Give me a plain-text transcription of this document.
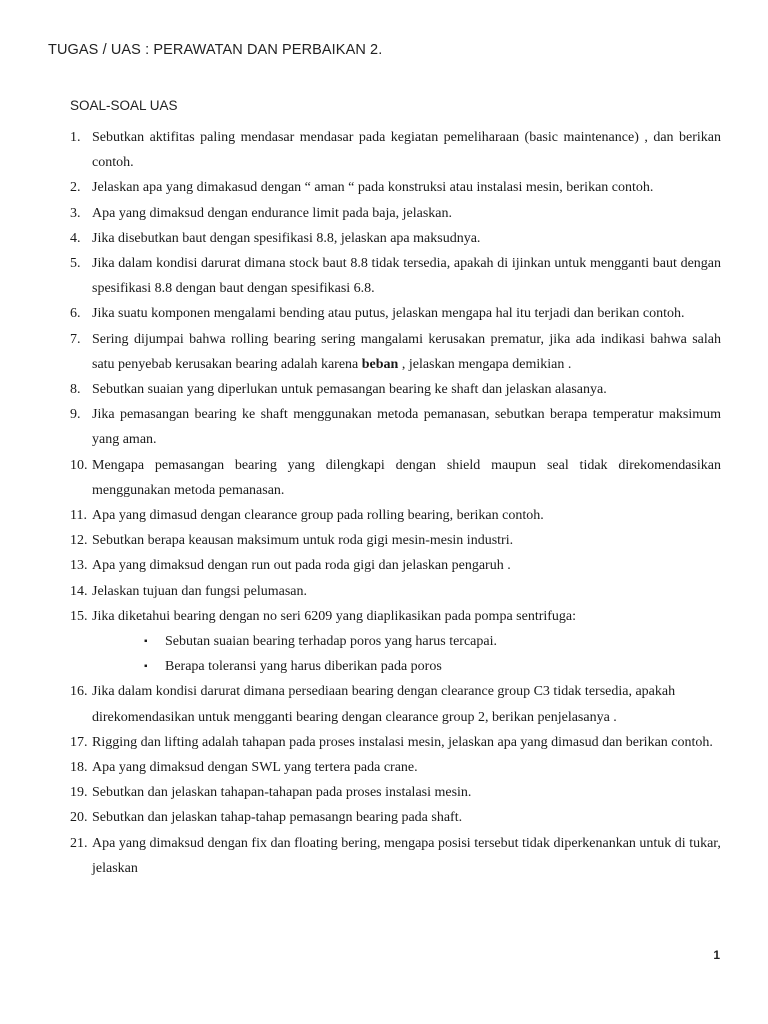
TUGAS / UAS : PERAWATAN DAN PERBAIKAN 2.
SOAL-SOAL UAS
1. Sebutkan aktifitas paling mendasar mendasar pada kegiatan pemeliharaan (basic maintenance) , dan berikan contoh.
2. Jelaskan apa yang dimakasud dengan “ aman “ pada konstruksi atau instalasi mesin, berikan contoh.
3. Apa yang dimaksud dengan endurance limit pada baja, jelaskan.
4. Jika disebutkan baut dengan spesifikasi 8.8, jelaskan apa maksudnya.
5. Jika dalam kondisi darurat dimana stock baut 8.8 tidak tersedia, apakah di ijinkan untuk mengganti baut dengan spesifikasi 8.8 dengan baut dengan spesifikasi 6.8.
6. Jika suatu komponen mengalami bending atau putus, jelaskan mengapa hal itu terjadi dan berikan contoh.
7. Sering dijumpai bahwa rolling bearing sering mangalami kerusakan prematur, jika ada indikasi bahwa salah satu penyebab kerusakan bearing adalah karena beban , jelaskan mengapa demikian .
8. Sebutkan suaian yang diperlukan untuk pemasangan bearing ke shaft dan jelaskan alasanya.
9. Jika pemasangan bearing ke shaft menggunakan metoda pemanasan, sebutkan berapa temperatur maksimum yang aman.
10. Mengapa pemasangan bearing yang dilengkapi dengan shield maupun seal tidak direkomendasikan menggunakan metoda pemanasan.
11. Apa yang dimasud dengan clearance group pada rolling bearing, berikan contoh.
12. Sebutkan berapa keausan maksimum untuk roda gigi mesin-mesin industri.
13. Apa yang dimaksud dengan run out pada roda gigi dan jelaskan pengaruh .
14. Jelaskan tujuan dan fungsi pelumasan.
15. Jika diketahui bearing dengan no seri 6209 yang diaplikasikan pada pompa sentrifuga:
▪ Sebutan suaian bearing terhadap poros yang harus tercapai.
▪ Berapa toleransi yang harus diberikan pada poros
16. Jika dalam kondisi darurat dimana persediaan bearing dengan clearance group C3 tidak tersedia, apakah direkomendasikan untuk mengganti bearing dengan clearance group 2, berikan penjelasanya .
17. Rigging dan lifting adalah tahapan pada proses instalasi mesin, jelaskan apa yang dimasud dan berikan contoh.
18. Apa yang dimaksud dengan SWL yang tertera pada crane.
19. Sebutkan dan jelaskan tahapan-tahapan pada proses instalasi mesin.
20. Sebutkan dan jelaskan tahap-tahap pemasangn bearing pada shaft.
21. Apa yang dimaksud dengan fix dan floating bering, mengapa posisi tersebut tidak diperkenankan untuk di tukar, jelaskan
1
